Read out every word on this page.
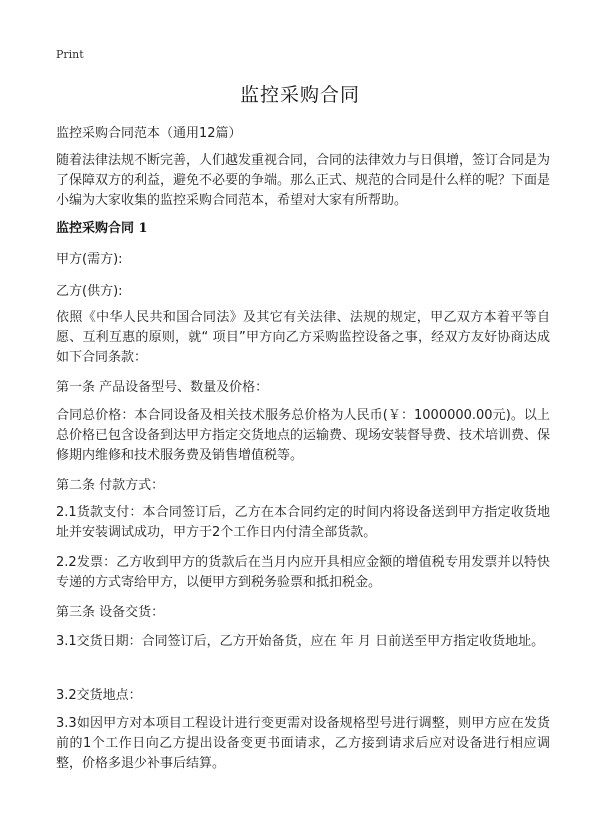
Print
监控采购合同
监控采购合同范本（通用12篇）

随着法律法规不断完善，人们越发重视合同，合同的法律效力与日俱增，签订合同是为了保障双方的利益，避免不必要的争端。那么正式、规范的合同是什么样的呢？下面是小编为大家收集的监控采购合同范本，希望对大家有所帮助。

监控采购合同 1

甲方(需方):

乙方(供方):

依照《中华人民共和国合同法》及其它有关法律、法规的规定，甲乙双方本着平等自愿、互利互惠的原则，就“ 项目”甲方向乙方采购监控设备之事，经双方友好协商达成如下合同条款：

第一条 产品设备型号、数量及价格：

合同总价格：本合同设备及相关技术服务总价格为人民币(￥：1000000.00元)。以上总价格已包含设备到达甲方指定交货地点的运输费、现场安装督导费、技术培训费、保修期内维修和技术服务费及销售增值税等。

第二条 付款方式：

2.1货款支付：本合同签订后，乙方在本合同约定的时间内将设备送到甲方指定收货地址并安装调试成功，甲方于2个工作日内付清全部货款。

2.2发票：乙方收到甲方的货款后在当月内应开具相应金额的增值税专用发票并以特快专递的方式寄给甲方，以便甲方到税务验票和抵扣税金。

第三条 设备交货：

3.1交货日期：合同签订后，乙方开始备货，应在 年 月 日前送至甲方指定收货地址。

3.2交货地点：

3.3如因甲方对本项目工程设计进行变更需对设备规格型号进行调整，则甲方应在发货前的1个工作日向乙方提出设备变更书面请求，乙方接到请求后应对设备进行相应调整，价格多退少补事后结算。
